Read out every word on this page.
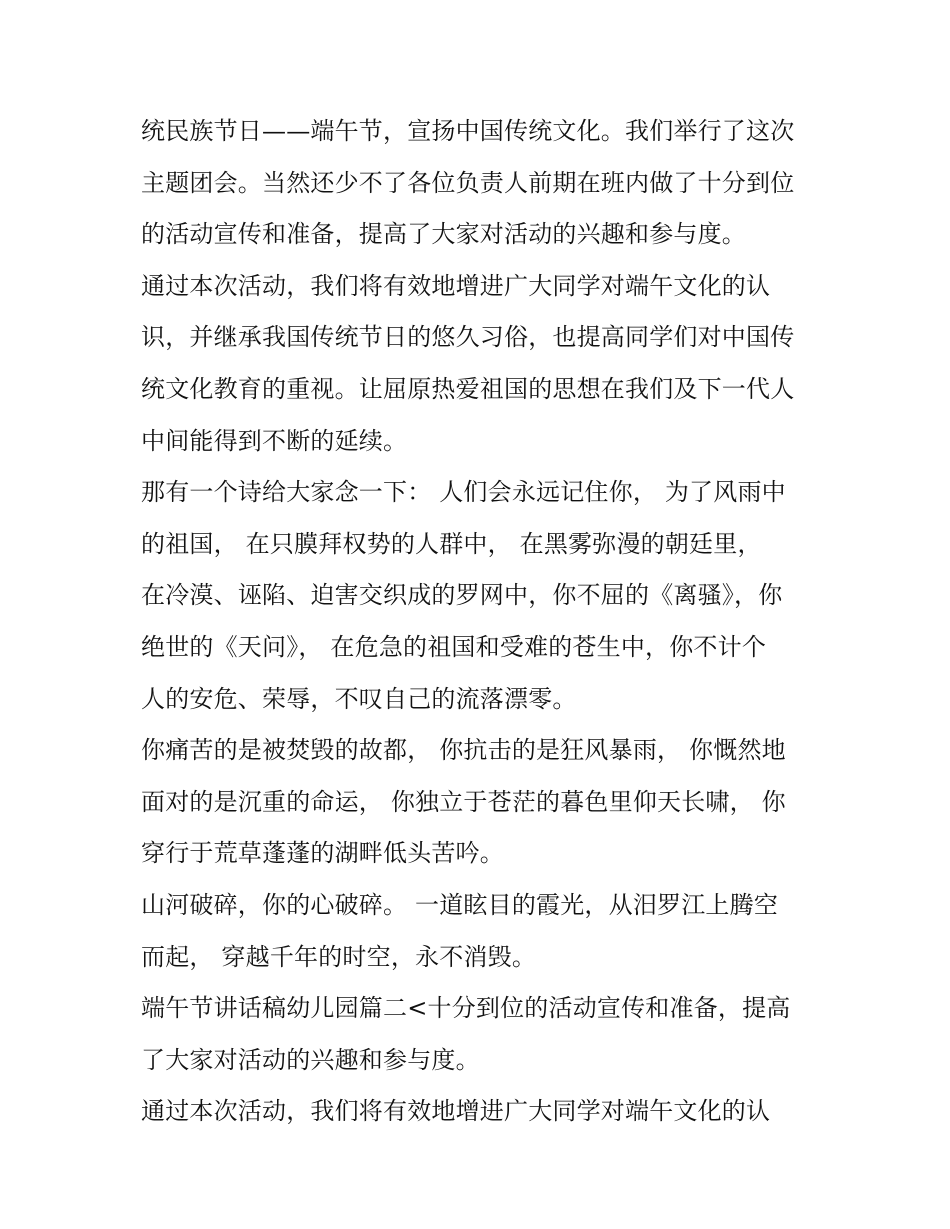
统民族节日——端午节，宣扬中国传统文化。我们举行了这次
主题团会。当然还少不了各位负责人前期在班内做了十分到位
的活动宣传和准备，提高了大家对活动的兴趣和参与度。
通过本次活动，我们将有效地增进广大同学对端午文化的认
识，并继承我国传统节日的悠久习俗，也提高同学们对中国传
统文化教育的重视。让屈原热爱祖国的思想在我们及下一代人
中间能得到不断的延续。
那有一个诗给大家念一下： 人们会永远记住你， 为了风雨中
的祖国， 在只膜拜权势的人群中， 在黑雾弥漫的朝廷里，
在冷漠、诬陷、迫害交织成的罗网中，你不屈的《离骚》，你
绝世的《天问》， 在危急的祖国和受难的苍生中，你不计个
人的安危、荣辱，不叹自己的流落漂零。
你痛苦的是被焚毁的故都， 你抗击的是狂风暴雨， 你慨然地
面对的是沉重的命运， 你独立于苍茫的暮色里仰天长啸， 你
穿行于荒草蓬蓬的湖畔低头苦吟。
山河破碎，你的心破碎。 一道眩目的霞光，从汨罗江上腾空
而起， 穿越千年的时空，永不消毁。
端午节讲话稿幼儿园篇二<十分到位的活动宣传和准备，提高
了大家对活动的兴趣和参与度。
通过本次活动，我们将有效地增进广大同学对端午文化的认
